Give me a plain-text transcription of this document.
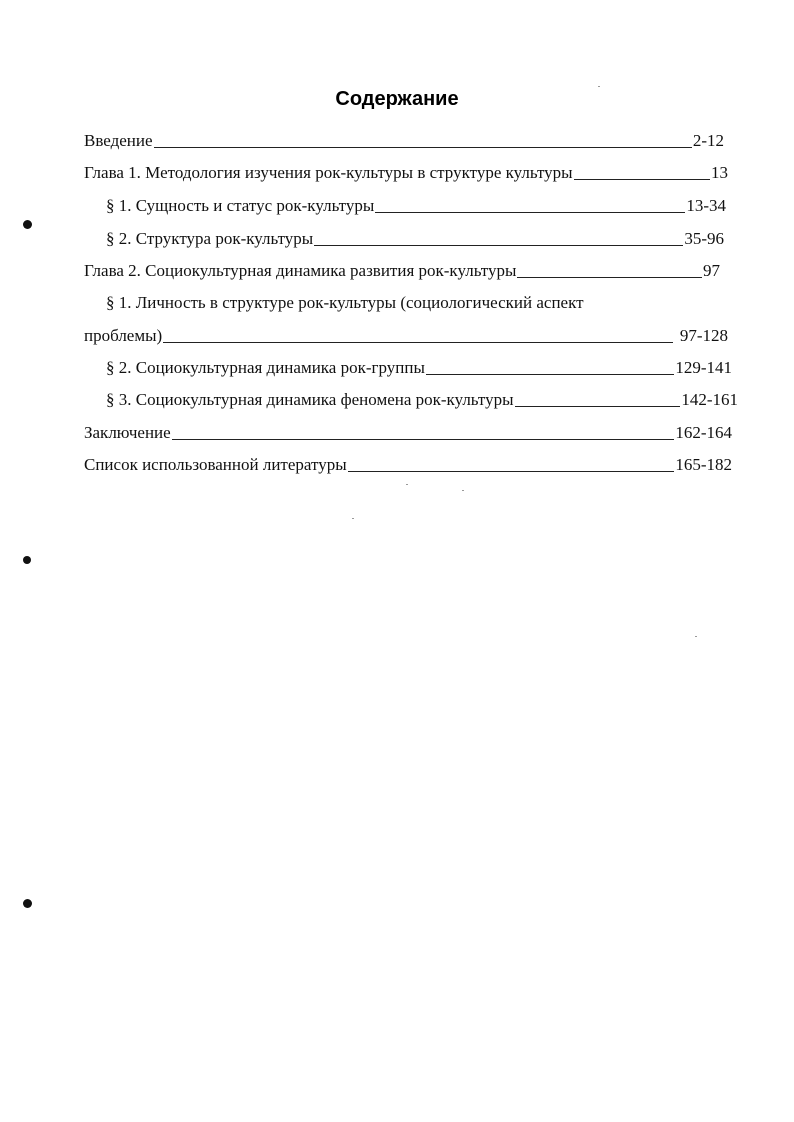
Содержание
Введение	2-12
Глава 1. Методология изучения рок-культуры в структуре культуры	13
§ 1. Сущность и статус рок-культуры	13-34
§ 2. Структура рок-культуры	35-96
Глава 2. Социокультурная динамика развития рок-культуры	97
§ 1. Личность в структуре рок-культуры (социологический аспект
проблемы)	97-128
§ 2. Социокультурная динамика рок-группы	129-141
§ 3. Социокультурная динамика феномена рок-культуры	142-161
Заключение	162-164
Список использованной литературы	165-182
